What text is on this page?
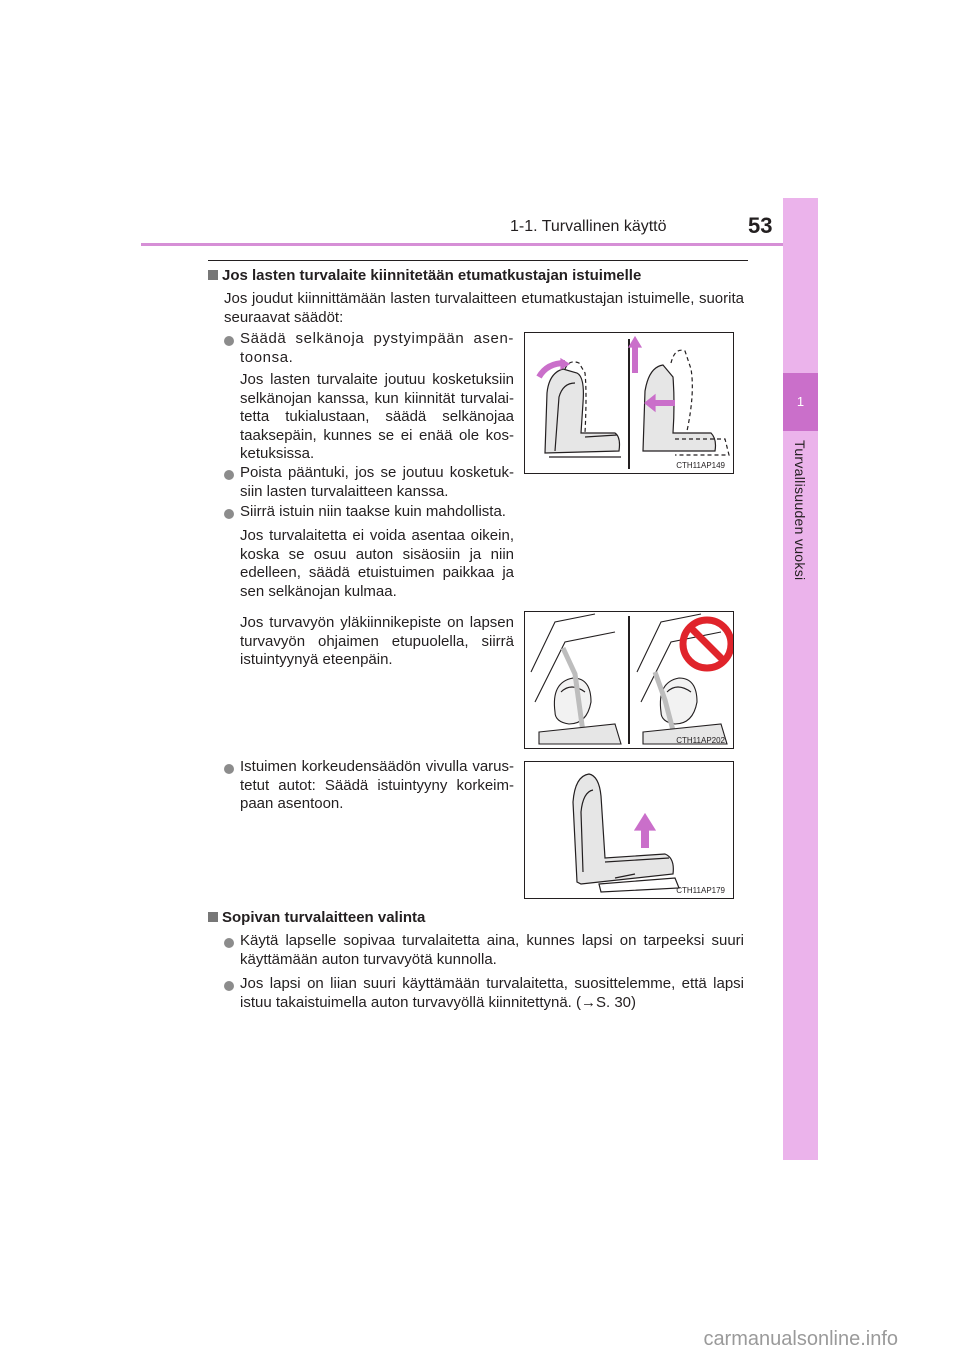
1-1. Turvallinen käyttö	53
1
Turvallisuuden vuoksi
Jos lasten turvalaite kiinnitetään etumatkustajan istuimelle
Jos joudut kiinnittämään lasten turvalaitteen etumatkustajan istuimelle, suorita seuraavat säädöt:
Säädä selkänoja pystyimpään asen-toonsa.
Jos lasten turvalaite joutuu kosketuksiin selkänojan kanssa, kun kiinnität turvalai-tetta tukialustaan, säädä selkänojaa taaksepäin, kunnes se ei enää ole kos-ketuksissa.
Poista pääntuki, jos se joutuu kosketuk-siin lasten turvalaitteen kanssa.
Siirrä istuin niin taakse kuin mahdollista.
Jos turvalaitetta ei voida asentaa oikein, koska se osuu auton sisäosiin ja niin edelleen, säädä etuistuimen paikkaa ja sen selkänojan kulmaa.
Jos turvavyön yläkiinnikepiste on lapsen turvavyön ohjaimen etupuolella, siirrä istuintyynyä eteenpäin.
Istuimen korkeudensäädön vivulla varus-tetut autot: Säädä istuintyyny korkeim-paan asentoon.
CTH11AP149
CTH11AP202
CTH11AP179
Sopivan turvalaitteen valinta
Käytä lapselle sopivaa turvalaitetta aina, kunnes lapsi on tarpeeksi suuri käyttämään auton turvavyötä kunnolla.
Jos lapsi on liian suuri käyttämään turvalaitetta, suosittelemme, että lapsi istuu takaistuimella auton turvavyöllä kiinnitettynä. (→S. 30)
carmanualsonline.info
